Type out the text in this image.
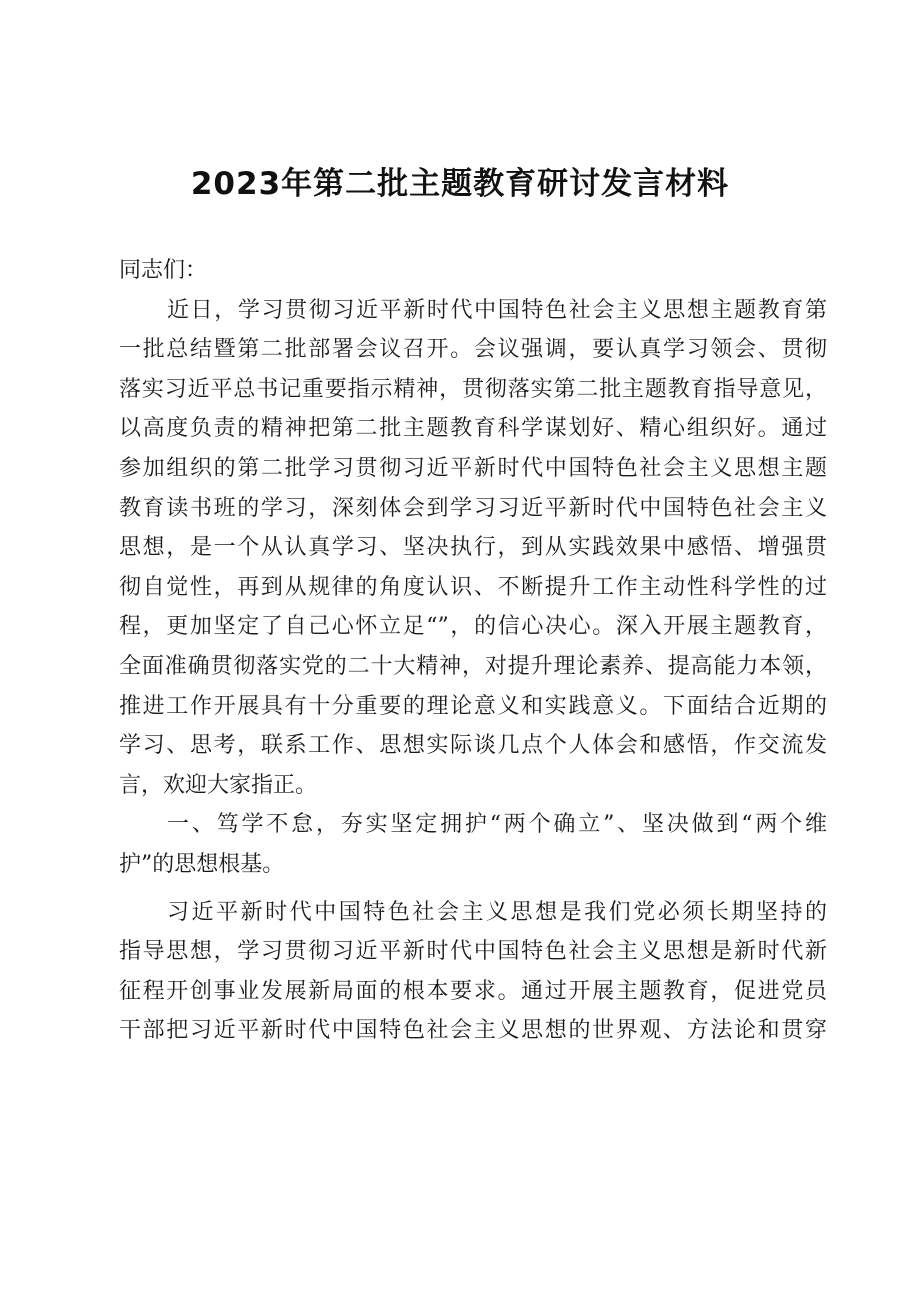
2023年第二批主题教育研讨发言材料
同志们：
近日，学习贯彻习近平新时代中国特色社会主义思想主题教育第
一批总结暨第二批部署会议召开。会议强调，要认真学习领会、贯彻
落实习近平总书记重要指示精神，贯彻落实第二批主题教育指导意见，
以高度负责的精神把第二批主题教育科学谋划好、精心组织好。通过
参加组织的第二批学习贯彻习近平新时代中国特色社会主义思想主题
教育读书班的学习，深刻体会到学习习近平新时代中国特色社会主义
思想，是一个从认真学习、坚决执行，到从实践效果中感悟、增强贯
彻自觉性，再到从规律的角度认识、不断提升工作主动性科学性的过
程，更加坚定了自己心怀立足“”，的信心决心。深入开展主题教育，
全面准确贯彻落实党的二十大精神，对提升理论素养、提高能力本领，
推进工作开展具有十分重要的理论意义和实践意义。下面结合近期的
学习、思考，联系工作、思想实际谈几点个人体会和感悟，作交流发
言，欢迎大家指正。
一、笃学不怠，夯实坚定拥护“两个确立”、坚决做到“两个维
护”的思想根基。
习近平新时代中国特色社会主义思想是我们党必须长期坚持的
指导思想，学习贯彻习近平新时代中国特色社会主义思想是新时代新
征程开创事业发展新局面的根本要求。通过开展主题教育，促进党员
干部把习近平新时代中国特色社会主义思想的世界观、方法论和贯穿
